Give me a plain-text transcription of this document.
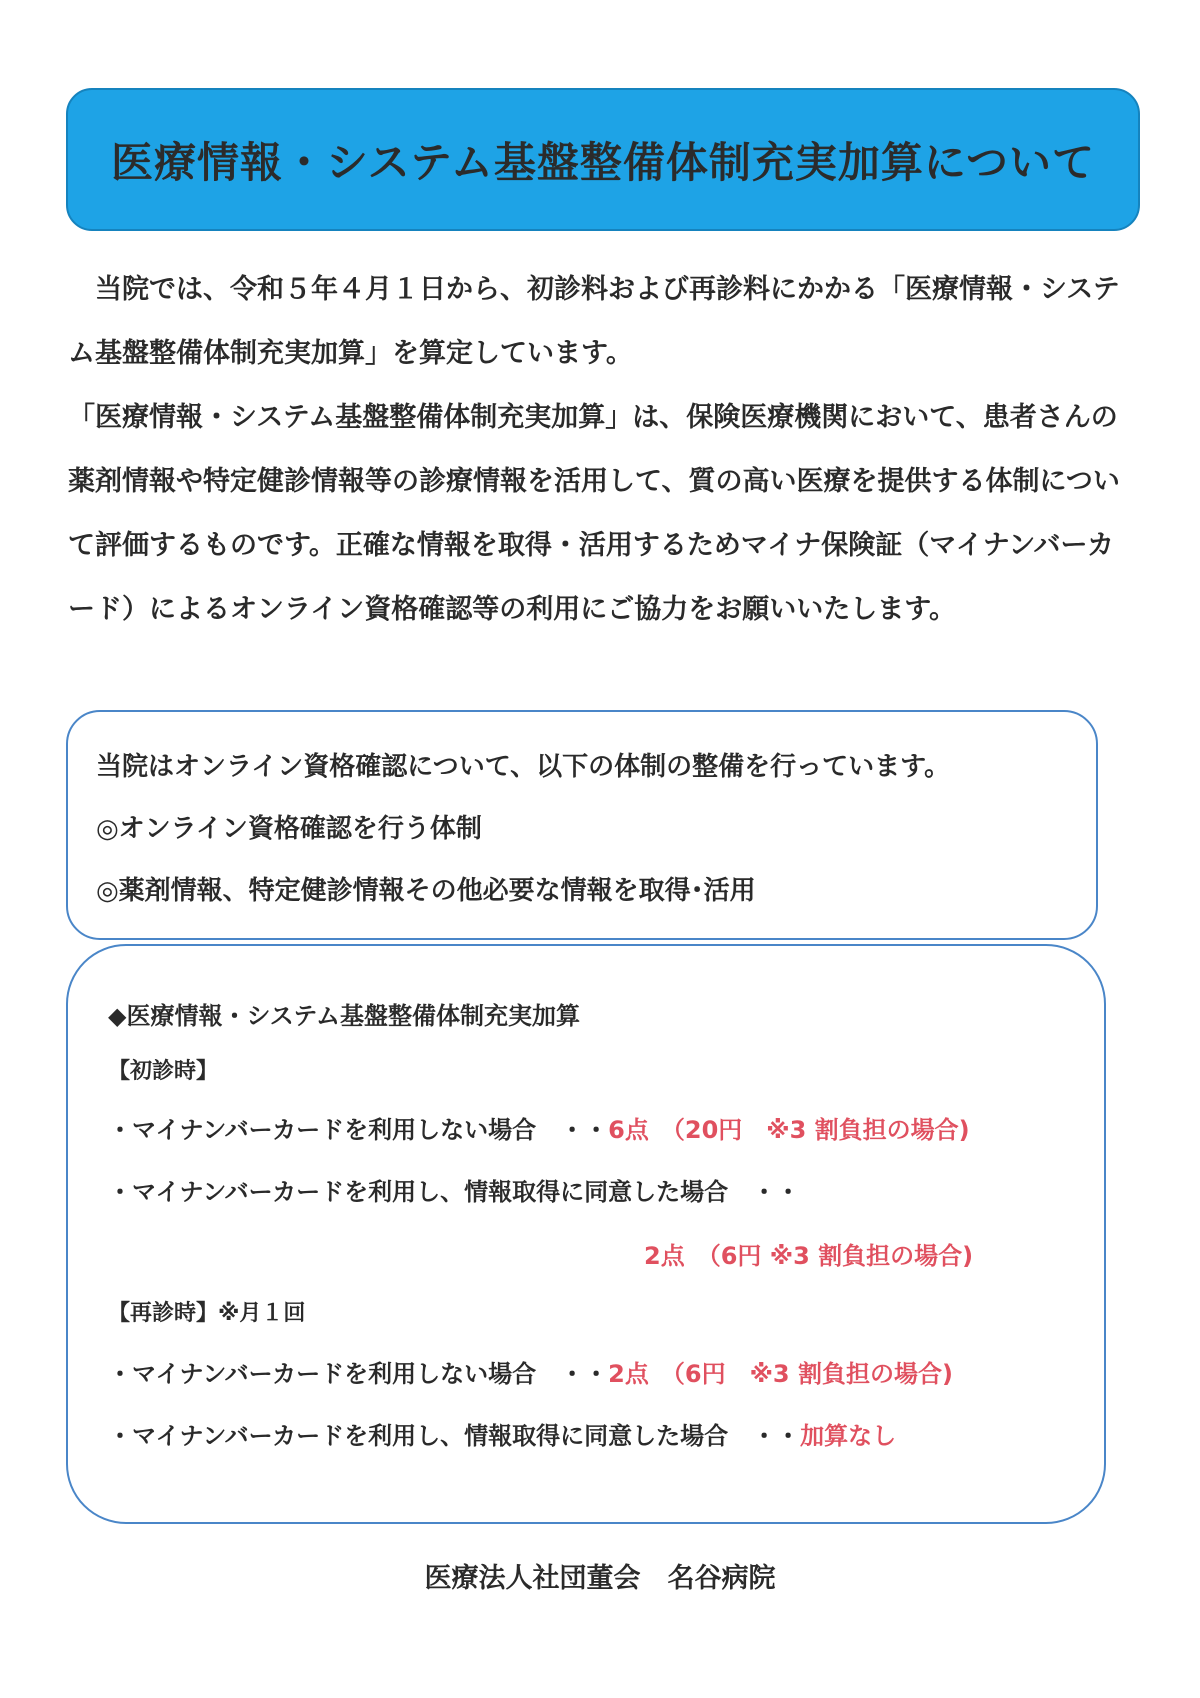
医療情報・システム基盤整備体制充実加算について

当院では、令和５年４月１日から、初診料および再診料にかかる「医療情報・システム基盤整備体制充実加算」を算定しています。

「医療情報・システム基盤整備体制充実加算」は、保険医療機関において、患者さんの薬剤情報や特定健診情報等の診療情報を活用して、質の高い医療を提供する体制について評価するものです。正確な情報を取得・活用するためマイナ保険証（マイナンバーカード）によるオンライン資格確認等の利用にご協力をお願いいたします。

当院はオンライン資格確認について、以下の体制の整備を行っています。
◎オンライン資格確認を行う体制
◎薬剤情報、特定健診情報その他必要な情報を取得･活用
◆医療情報・システム基盤整備体制充実加算
【初診時】
・マイナンバーカードを利用しない場合　・・6点　（20円　※3 割負担の場合)
・マイナンバーカードを利用し、情報取得に同意した場合　・・
2点　（6円 ※3 割負担の場合)
【再診時】※月１回
・マイナンバーカードを利用しない場合　・・2点　（6円　※3 割負担の場合)
・マイナンバーカードを利用し、情報取得に同意した場合　・・加算なし
医療法人社団董会　名谷病院
